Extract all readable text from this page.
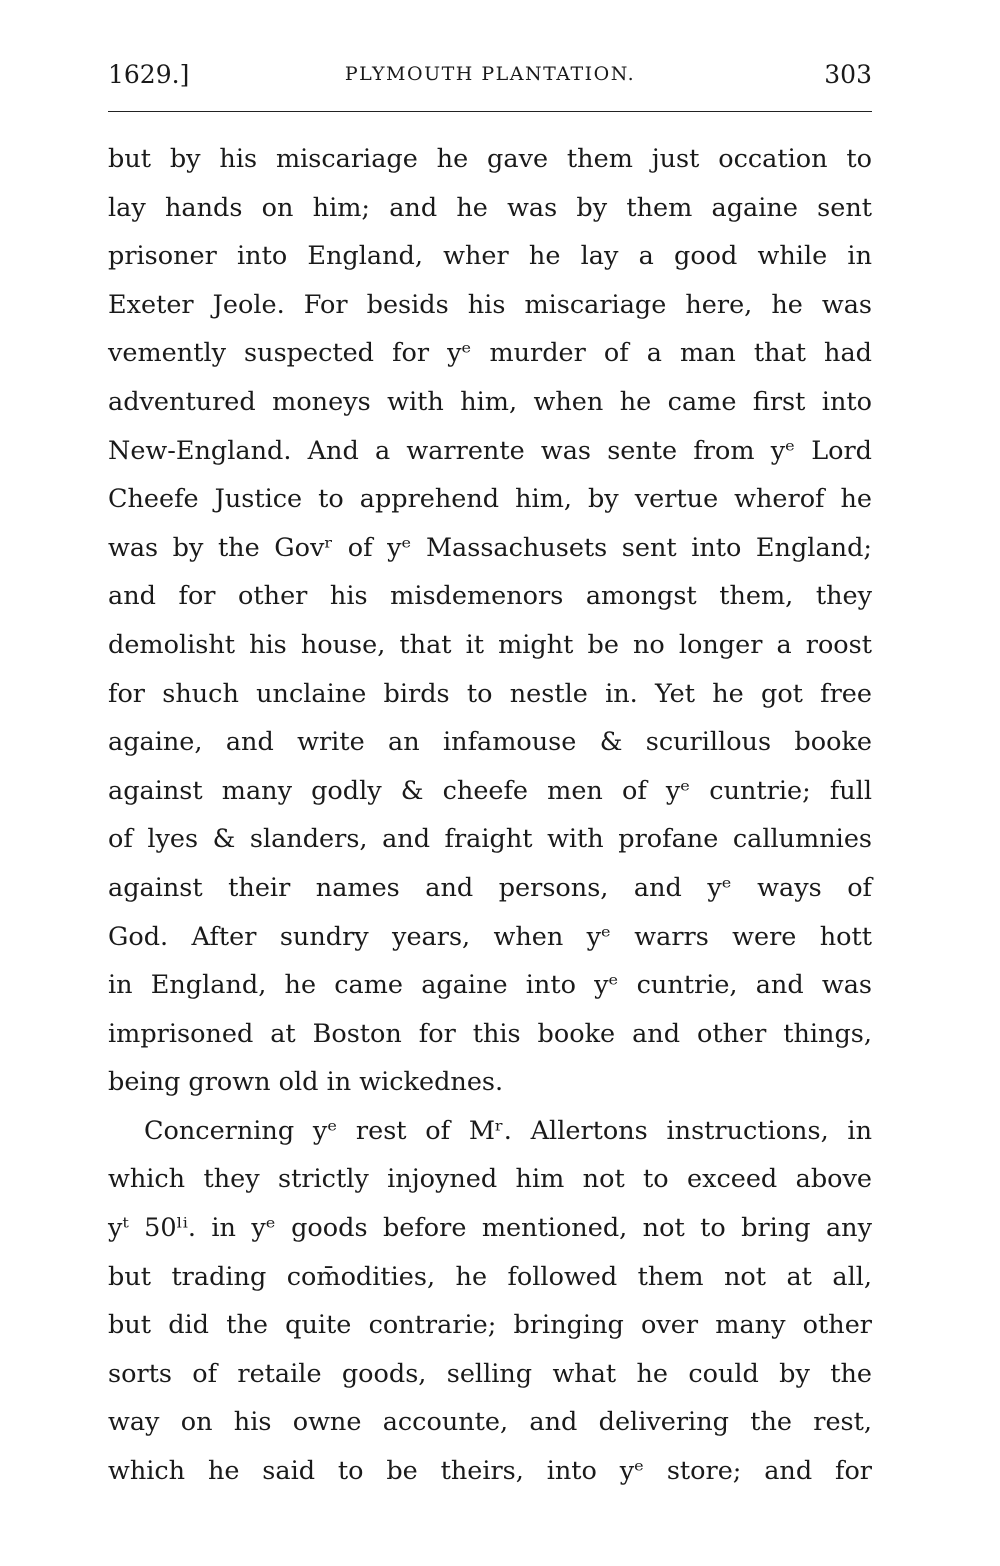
1629.]	PLYMOUTH PLANTATION.	303
but by his miscariage he gave them just occation to
lay hands on him; and he was by them againe sent
prisoner into England, wher he lay a good while in
Exeter Jeole. For besids his miscariage here, he was
vemently suspected for yᵉ murder of a man that had
adventured moneys with him, when he came first into
New-England. And a warrente was sente from yᵉ Lord
Cheefe Justice to apprehend him, by vertue wherof he
was by the Govʳ of yᵉ Massachusets sent into England;
and for other his misdemenors amongst them, they
demolisht his house, that it might be no longer a roost
for shuch unclaine birds to nestle in. Yet he got free
againe, and write an infamouse & scurillous booke
against many godly & cheefe men of yᵉ cuntrie; full
of lyes & slanders, and fraight with profane callumnies
against their names and persons, and yᵉ ways of
God. After sundry years, when yᵉ warrs were hott
in England, he came againe into yᵉ cuntrie, and was
imprisoned at Boston for this booke and other things,
being grown old in wickednes.
Concerning yᵉ rest of Mʳ. Allertons instructions, in
which they strictly injoyned him not to exceed above
yᵗ 50ˡⁱ. in yᵉ goods before mentioned, not to bring any
but trading com̄odities, he followed them not at all,
but did the quite contrarie; bringing over many other
sorts of retaile goods, selling what he could by the
way on his owne accounte, and delivering the rest,
which he said to be theirs, into yᵉ store; and for
